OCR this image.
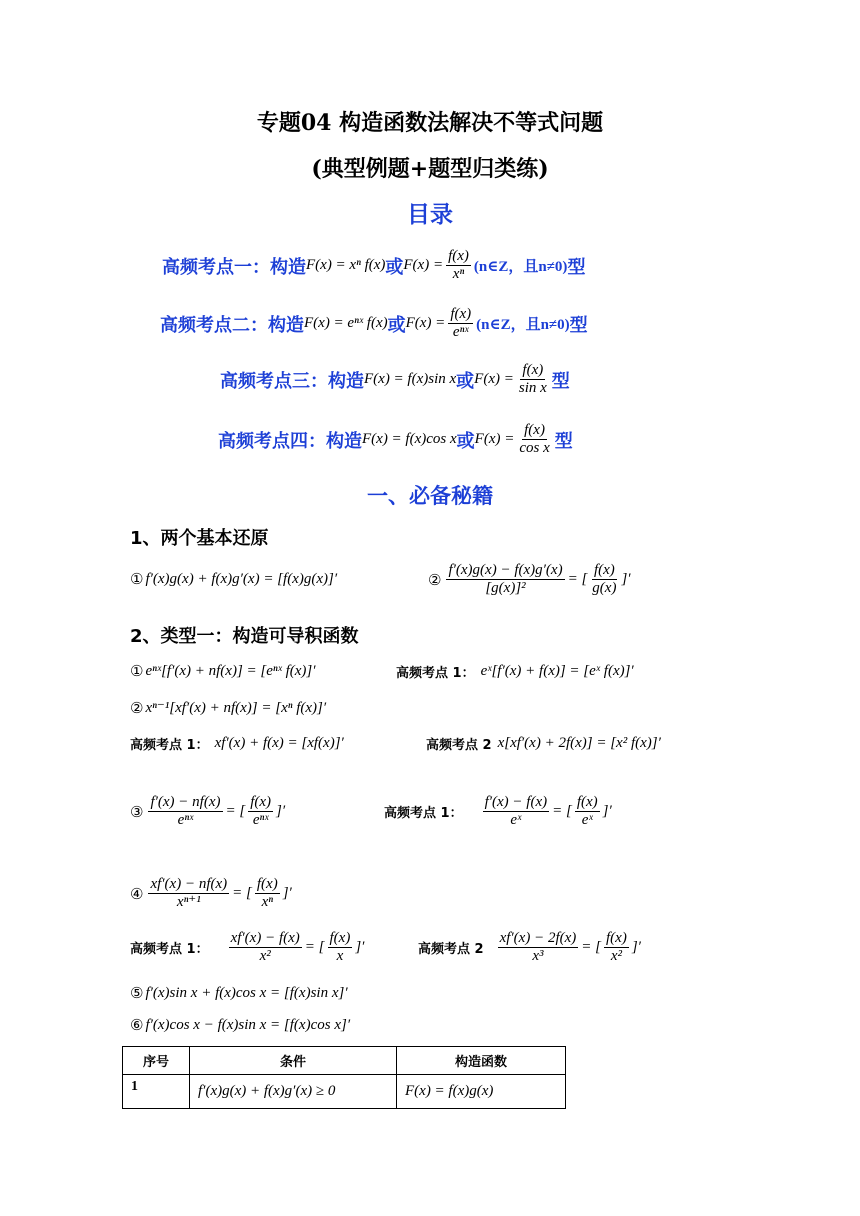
专题04 构造函数法解决不等式问题
(典型例题+题型归类练)
目录
高频考点一：构造 F(x) = xⁿ f(x) 或 $F(x) = \frac{f(x)}{\text{xⁿ}}$ (n∈Z，且n≠0) 型
高频考点二：构造 F(x) = eⁿˣ f(x) 或 $F(x) = \frac{f(x)}{\text{eⁿˣ}}$ (n∈Z，且n≠0) 型
高频考点三：构造 F(x) = f(x)sin x 或 $F(x) = \frac{f(x)}{\text{sin x}}$ 型
高频考点四：构造 F(x) = f(x)cos x 或 $F(x) = \frac{f(x)}{\text{cos x}}$ 型
一、必备秘籍
1、两个基本还原
① f′(x)g(x) + f(x)g′(x) = [f(x)g(x)]′	② $\frac{f'(x)g(x) - f(x)g'(x)}{\text{[g(x)]²}}$ = [ $\frac{f(x)}{g(x)}$ ]′
2、类型一：构造可导积函数
① eⁿˣ[f′(x) + nf(x)] = [eⁿˣ f(x)]′	高频考点 1： eˣ[f′(x) + f(x)] = [eˣ f(x)]′
② xⁿ⁻¹[xf′(x) + nf(x)] = [xⁿ f(x)]′
高频考点 1： xf′(x) + f(x) = [xf(x)]′	高频考点 2 x[xf′(x) + 2f(x)] = [x² f(x)]′
③ $\frac{f'(x) - nf(x)}{\text{eⁿˣ}}$ = [ $\frac{f(x)}{\text{eⁿˣ}}$ ]′	高频考点 1： $\frac{f'(x) - f(x)}{\text{eˣ}}$ = [ $\frac{f(x)}{\text{eˣ}}$ ]′
④ $\frac{xf'(x) - nf(x)}{\text{xⁿ⁺¹}}$ = [ $\frac{f(x)}{\text{xⁿ}}$ ]′
高频考点 1： $\frac{xf'(x) - f(x)}{\text{x²}}$ = [ $\frac{f(x)}{x}$ ]′	高频考点 $2 \frac{xf'(x) - 2f(x)}{\text{x³}}$ = [ $\frac{f(x)}{\text{x²}}$ ]′
⑤ f′(x)sin x + f(x)cos x = [f(x)sin x]′
⑥ f′(x)cos x − f(x)sin x = [f(x)cos x]′
序号	条件	构造函数
1	f′(x)g(x) + f(x)g′(x) ≥ 0	F(x) = f(x)g(x)
